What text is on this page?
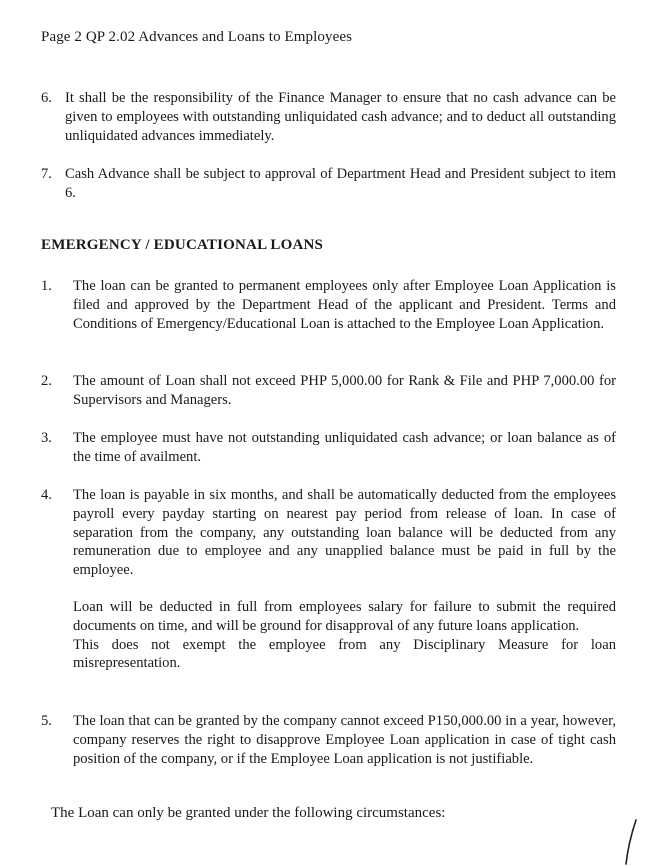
Page 2 QP 2.02 Advances and Loans to Employees
6. It shall be the responsibility of the Finance Manager to ensure that no cash advance can be given to employees with outstanding unliquidated cash advance; and to deduct all outstanding unliquidated advances immediately.
7. Cash Advance shall be subject to approval of Department Head and President subject to item 6.
EMERGENCY / EDUCATIONAL LOANS
1. The loan can be granted to permanent employees only after Employee Loan Application is filed and approved by the Department Head of the applicant and President. Terms and Conditions of Emergency/Educational Loan is attached to the Employee Loan Application.
2. The amount of Loan shall not exceed PHP 5,000.00 for Rank & File and PHP 7,000.00 for Supervisors and Managers.
3. The employee must have not outstanding unliquidated cash advance; or loan balance as of the time of availment.
4. The loan is payable in six months, and shall be automatically deducted from the employees payroll every payday starting on nearest pay period from release of loan. In case of separation from the company, any outstanding loan balance will be deducted from any remuneration due to employee and any unapplied balance must be paid in full by the employee.

Loan will be deducted in full from employees salary for failure to submit the required documents on time, and will be ground for disapproval of any future loans application.

This does not exempt the employee from any Disciplinary Measure for loan misrepresentation.

5. The loan that can be granted by the company cannot exceed P150,000.00 in a year, however, company reserves the right to disapprove Employee Loan application in case of tight cash position of the company, or if the Employee Loan application is not justifiable.
The Loan can only be granted under the following circumstances:
